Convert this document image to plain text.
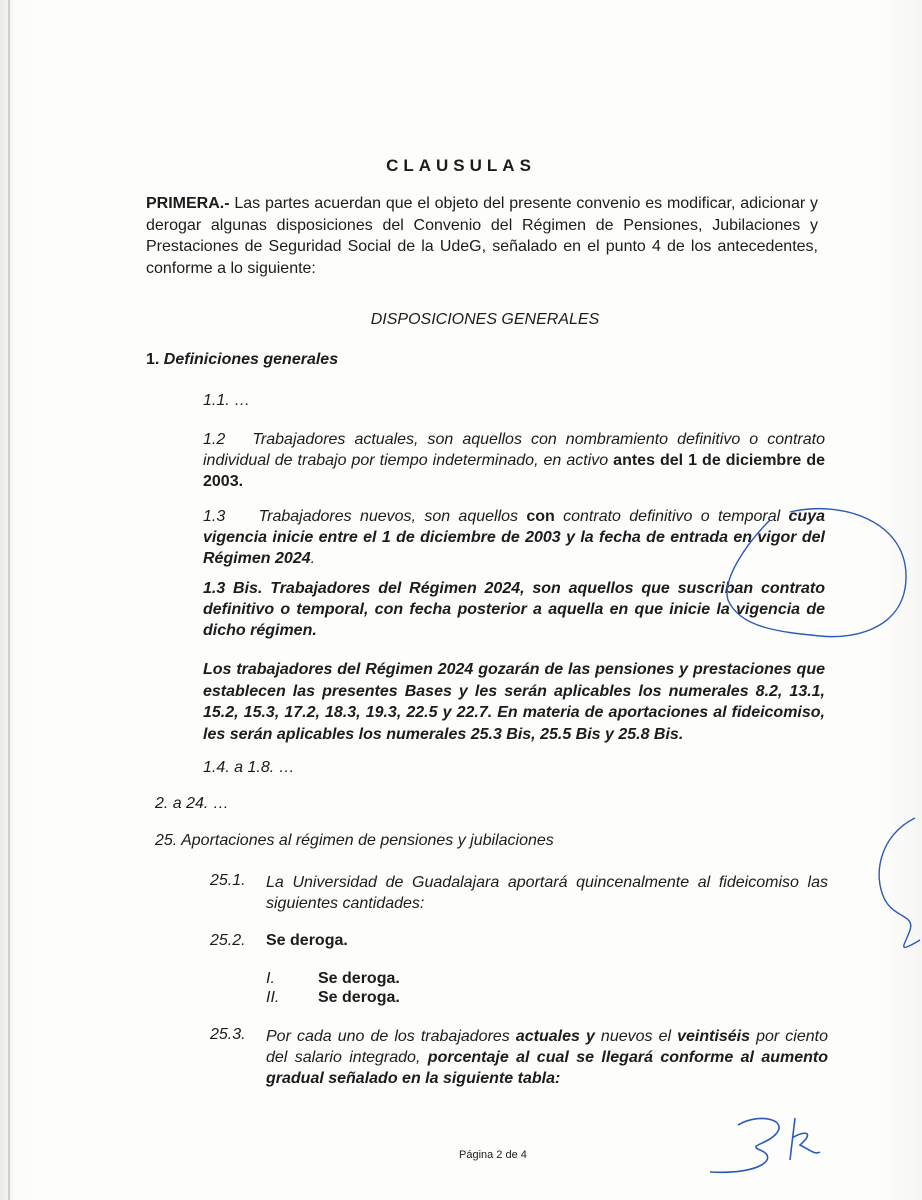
CLAUSULAS
PRIMERA.- Las partes acuerdan que el objeto del presente convenio es modificar, adicionar y derogar algunas disposiciones del Convenio del Régimen de Pensiones, Jubilaciones y Prestaciones de Seguridad Social de la UdeG, señalado en el punto 4 de los antecedentes, conforme a lo siguiente:
DISPOSICIONES GENERALES
1. Definiciones generales
1.1. …
1.2 Trabajadores actuales, son aquellos con nombramiento definitivo o contrato individual de trabajo por tiempo indeterminado, en activo antes del 1 de diciembre de 2003.
1.3 Trabajadores nuevos, son aquellos con contrato definitivo o temporal cuya vigencia inicie entre el 1 de diciembre de 2003 y la fecha de entrada en vigor del Régimen 2024.
1.3 Bis. Trabajadores del Régimen 2024, son aquellos que suscriban contrato definitivo o temporal, con fecha posterior a aquella en que inicie la vigencia de dicho régimen.
Los trabajadores del Régimen 2024 gozarán de las pensiones y prestaciones que establecen las presentes Bases y les serán aplicables los numerales 8.2, 13.1, 15.2, 15.3, 17.2, 18.3, 19.3, 22.5 y 22.7. En materia de aportaciones al fideicomiso, les serán aplicables los numerales 25.3 Bis, 25.5 Bis y 25.8 Bis.
1.4. a 1.8. …
2. a 24. …
25. Aportaciones al régimen de pensiones y jubilaciones
25.1. La Universidad de Guadalajara aportará quincenalmente al fideicomiso las siguientes cantidades:
25.2. Se deroga.
I.	Se deroga.
II. Se deroga.
25.3. Por cada uno de los trabajadores actuales y nuevos el veintiséis por ciento del salario integrado, porcentaje al cual se llegará conforme al aumento gradual señalado en la siguiente tabla:
Página 2 de 4
